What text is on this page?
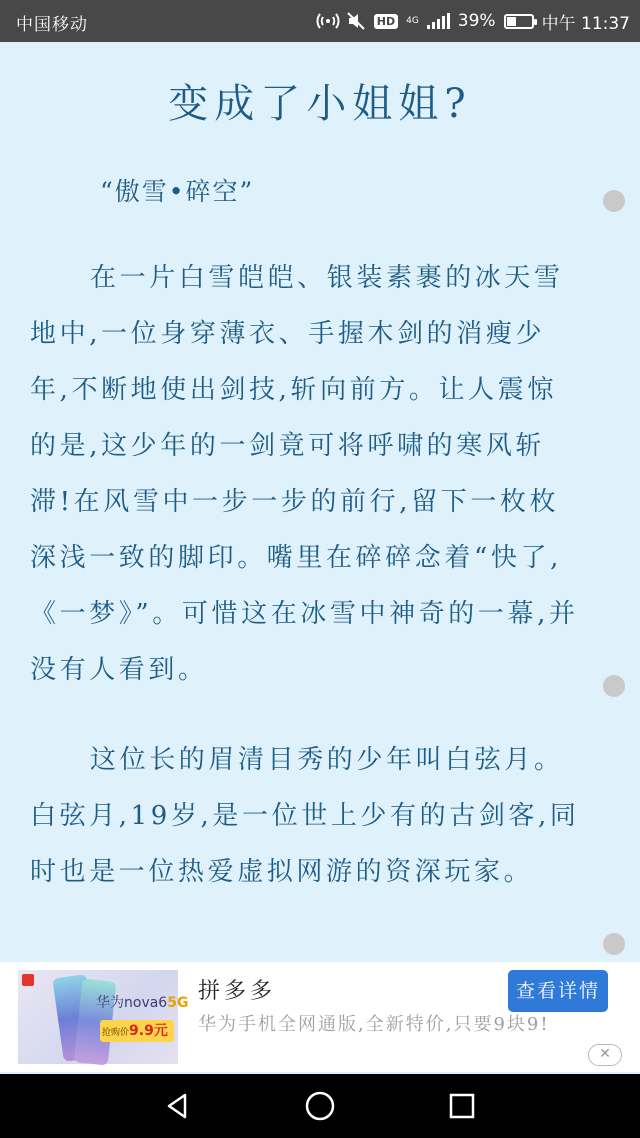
中国移动	HD	4G 39%	中午 11:37
变成了小姐姐?
“傲雪•碎空”

在一片白雪皑皑、银装素裹的冰天雪地中,一位身穿薄衣、手握木剑的消瘦少年,不断地使出剑技,斩向前方。让人震惊的是,这少年的一剑竟可将呼啸的寒风斩滞!在风雪中一步一步的前行,留下一枚枚深浅一致的脚印。嘴里在碎碎念着“快了,《一梦》”。可惜这在冰雪中神奇的一幕,并没有人看到。

这位长的眉清目秀的少年叫白弦月。白弦月,19岁,是一位世上少有的古剑客,同时也是一位热爱虚拟网游的资深玩家。

华为nova65G
抢购价9.9元
拼多多
华为手机全网通版,全新特价,只要9块9!
查看详情
✕
